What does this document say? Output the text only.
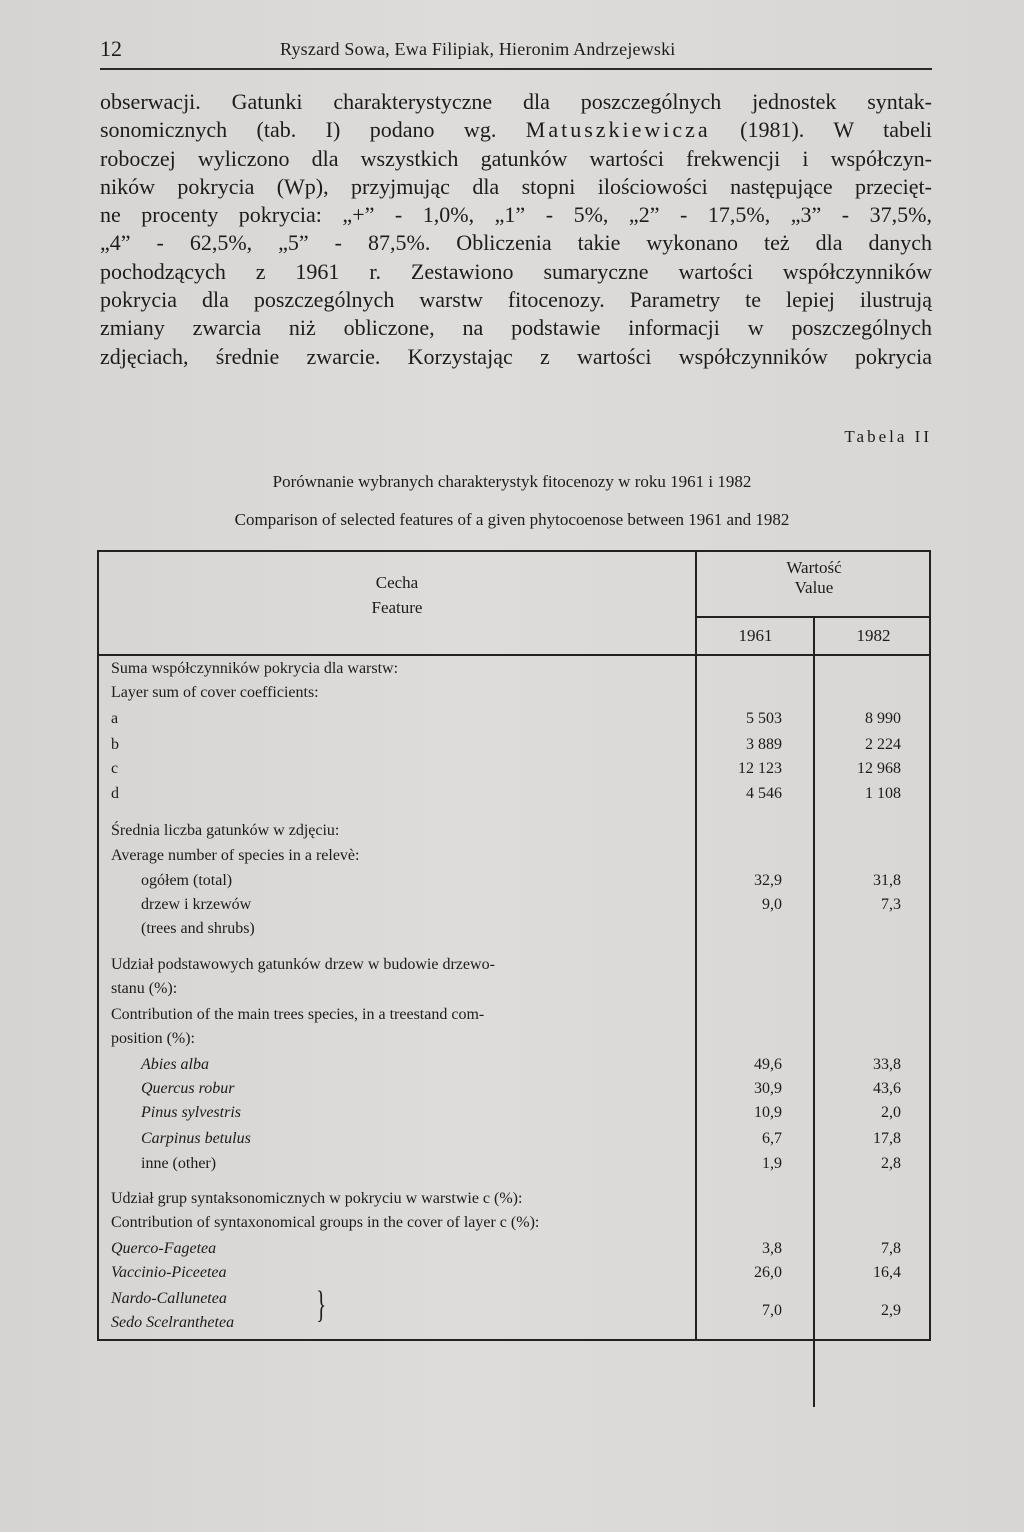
12	Ryszard Sowa, Ewa Filipiak, Hieronim Andrzejewski
obserwacji. Gatunki charakterystyczne dla poszczególnych jednostek syntak-
sonomicznych (tab. I) podano wg. Matuszkiewicza (1981). W tabeli
roboczej wyliczono dla wszystkich gatunków wartości frekwencji i współczyn-
ników pokrycia (Wp), przyjmując dla stopni ilościowości następujące przecięt-
ne procenty pokrycia: „+” - 1,0%, „1” - 5%, „2” - 17,5%, „3” - 37,5%,
„4” - 62,5%, „5” - 87,5%. Obliczenia takie wykonano też dla danych
pochodzących z 1961 r. Zestawiono sumaryczne wartości współczynników
pokrycia dla poszczególnych warstw fitocenozy. Parametry te lepiej ilustrują
zmiany zwarcia niż obliczone, na podstawie informacji w poszczególnych
zdjęciach, średnie zwarcie. Korzystając z wartości współczynników pokrycia
Tabela II
Porównanie wybranych charakterystyk fitocenozy w roku 1961 i 1982
Comparison of selected features of a given phytocoenose between 1961 and 1982
Cecha
Feature
Wartość
Value
1961	1982
Suma współczynników pokrycia dla warstw:
Layer sum of cover coefficients:
a	5 503	8 990
b	3 889	2 224
c	12 123	12 968
d	4 546	1 108
Średnia liczba gatunków w zdjęciu:
Average number of species in a relevè:
ogółem (total)	32,9	31,8
drzew i krzewów	9,0	7,3
(trees and shrubs)
Udział podstawowych gatunków drzew w budowie drzewo-
stanu (%):
Contribution of the main trees species, in a treestand com-
position (%):
Abies alba	49,6	33,8
Quercus robur	30,9	43,6
Pinus sylvestris	10,9	2,0
Carpinus betulus	6,7	17,8
inne (other)	1,9	2,8
Udział grup syntaksonomicznych w pokryciu w warstwie c (%):
Contribution of syntaxonomical groups in the cover of layer c (%):
Querco-Fagetea	3,8	7,8
Vaccinio-Piceetea	26,0	16,4
Nardo-Callunetea
Sedo Scelranthetea }	7,0	2,9
